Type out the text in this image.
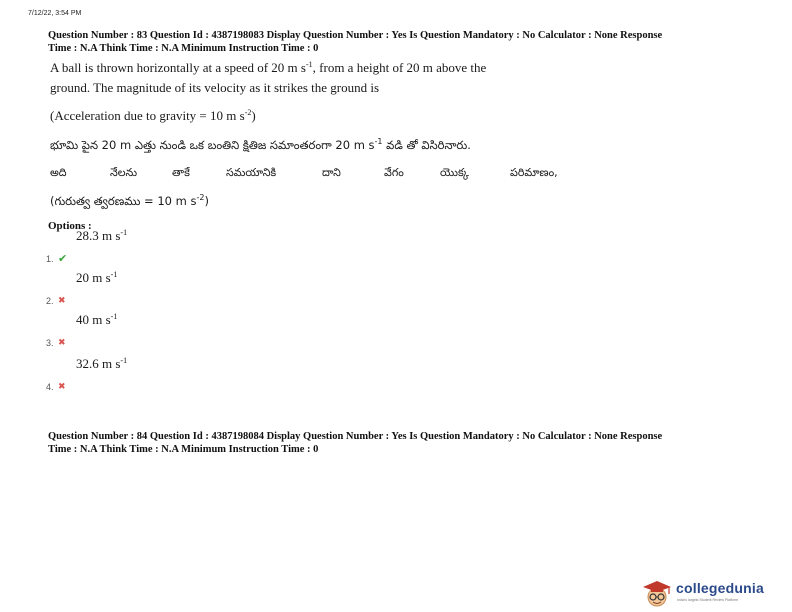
7/12/22, 3:54 PM
Question Number : 83 Question Id : 4387198083 Display Question Number : Yes Is Question Mandatory : No Calculator : None Response
Time : N.A Think Time : N.A Minimum Instruction Time : 0
A ball is thrown horizontally at a speed of 20 m $s^{-1}$, from a height of 20 m above the
ground. The magnitude of its velocity as it strikes the ground is
(Acceleration due to gravity = 10 m $s^{-2}$)
భూమి పైన 20 m ఎత్తు నుండి ఒక బంతిని క్షితిజ సమాంతరంగా 20 m $s^{-1}$ వడి తో విసిరినారు.
అది	నేలను	తాకే	సమయానికి	దాని	వేగం	యొక్క	పరిమాణం,
(గురుత్వ త్వరణము = 10 m $s^{-2}$)
Options :
1. ✔
28.3 m $s^{-1}$
2. ✖
20 m $s^{-1}$
3. ✖
40 m $s^{-1}$
4. ✖
32.6 m $s^{-1}$
Question Number : 84 Question Id : 4387198084 Display Question Number : Yes Is Question Mandatory : No Calculator : None Response
Time : N.A Think Time : N.A Minimum Instruction Time : 0
collegedunia
India's largest Student Review Platform
